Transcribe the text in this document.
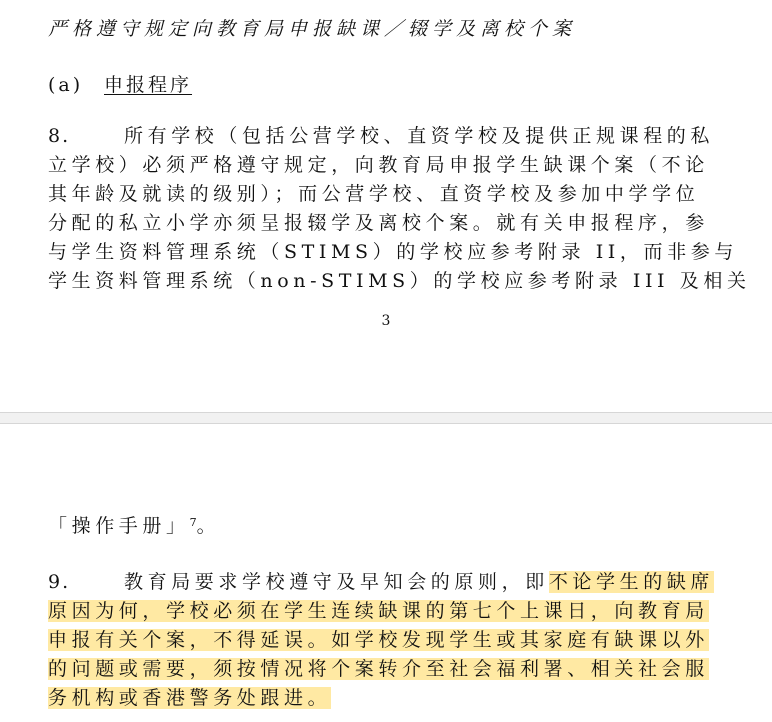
严格遵守规定向教育局申报缺课／辍学及离校个案
(a) 申报程序
8.	所有学校（包括公营学校、直资学校及提供正规课程的私
立学校）必须严格遵守规定，向教育局申报学生缺课个案（不论
其年龄及就读的级别）；而公营学校、直资学校及参加中学学位
分配的私立小学亦须呈报辍学及离校个案。就有关申报程序，参
与学生资料管理系统（STIMS）的学校应参考附录 II，而非参与
学生资料管理系统（non-STIMS）的学校应参考附录 III 及相关
3
「操作手册」$^7$。
9.	教育局要求学校遵守及早知会的原则，即不论学生的缺席
原因为何，学校必须在学生连续缺课的第七个上课日，向教育局
申报有关个案，不得延误。如学校发现学生或其家庭有缺课以外
的问题或需要，须按情况将个案转介至社会福利署、相关社会服
务机构或香港警务处跟进。
